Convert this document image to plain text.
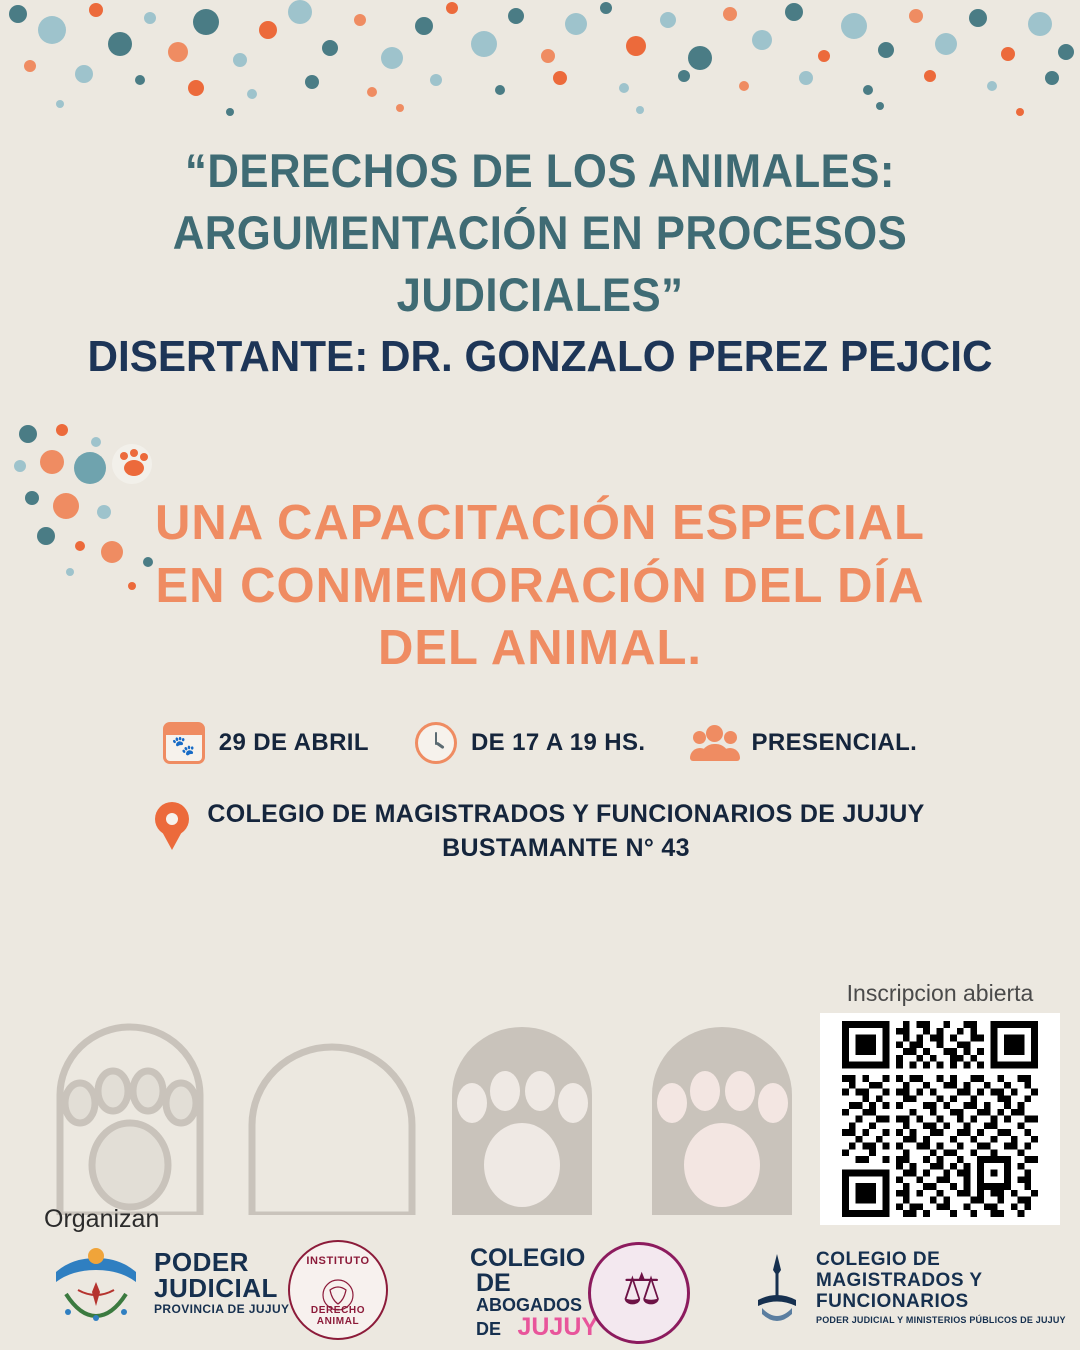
“DERECHOS DE LOS ANIMALES:
ARGUMENTACIÓN EN PROCESOS JUDICIALES”
DISERTANTE: DR. GONZALO PEREZ PEJCIC
UNA CAPACITACIÓN ESPECIAL
EN CONMEMORACIÓN DEL DÍA
DEL ANIMAL.
🐾 29 DE ABRIL	DE 17 A 19 HS.	PRESENCIAL.
COLEGIO DE MAGISTRADOS Y FUNCIONARIOS DE JUJUY
BUSTAMANTE N° 43
Inscripcion abierta
Organizan
PODER
JUDICIAL
PROVINCIA DE JUJUY
INSTITUTO
DERECHO ANIMAL
COLEGIO
DE
ABOGADOS
DE JUJUY
⚖
COLEGIO DE
MAGISTRADOS Y FUNCIONARIOS
PODER JUDICIAL Y MINISTERIOS PÚBLICOS DE JUJUY
